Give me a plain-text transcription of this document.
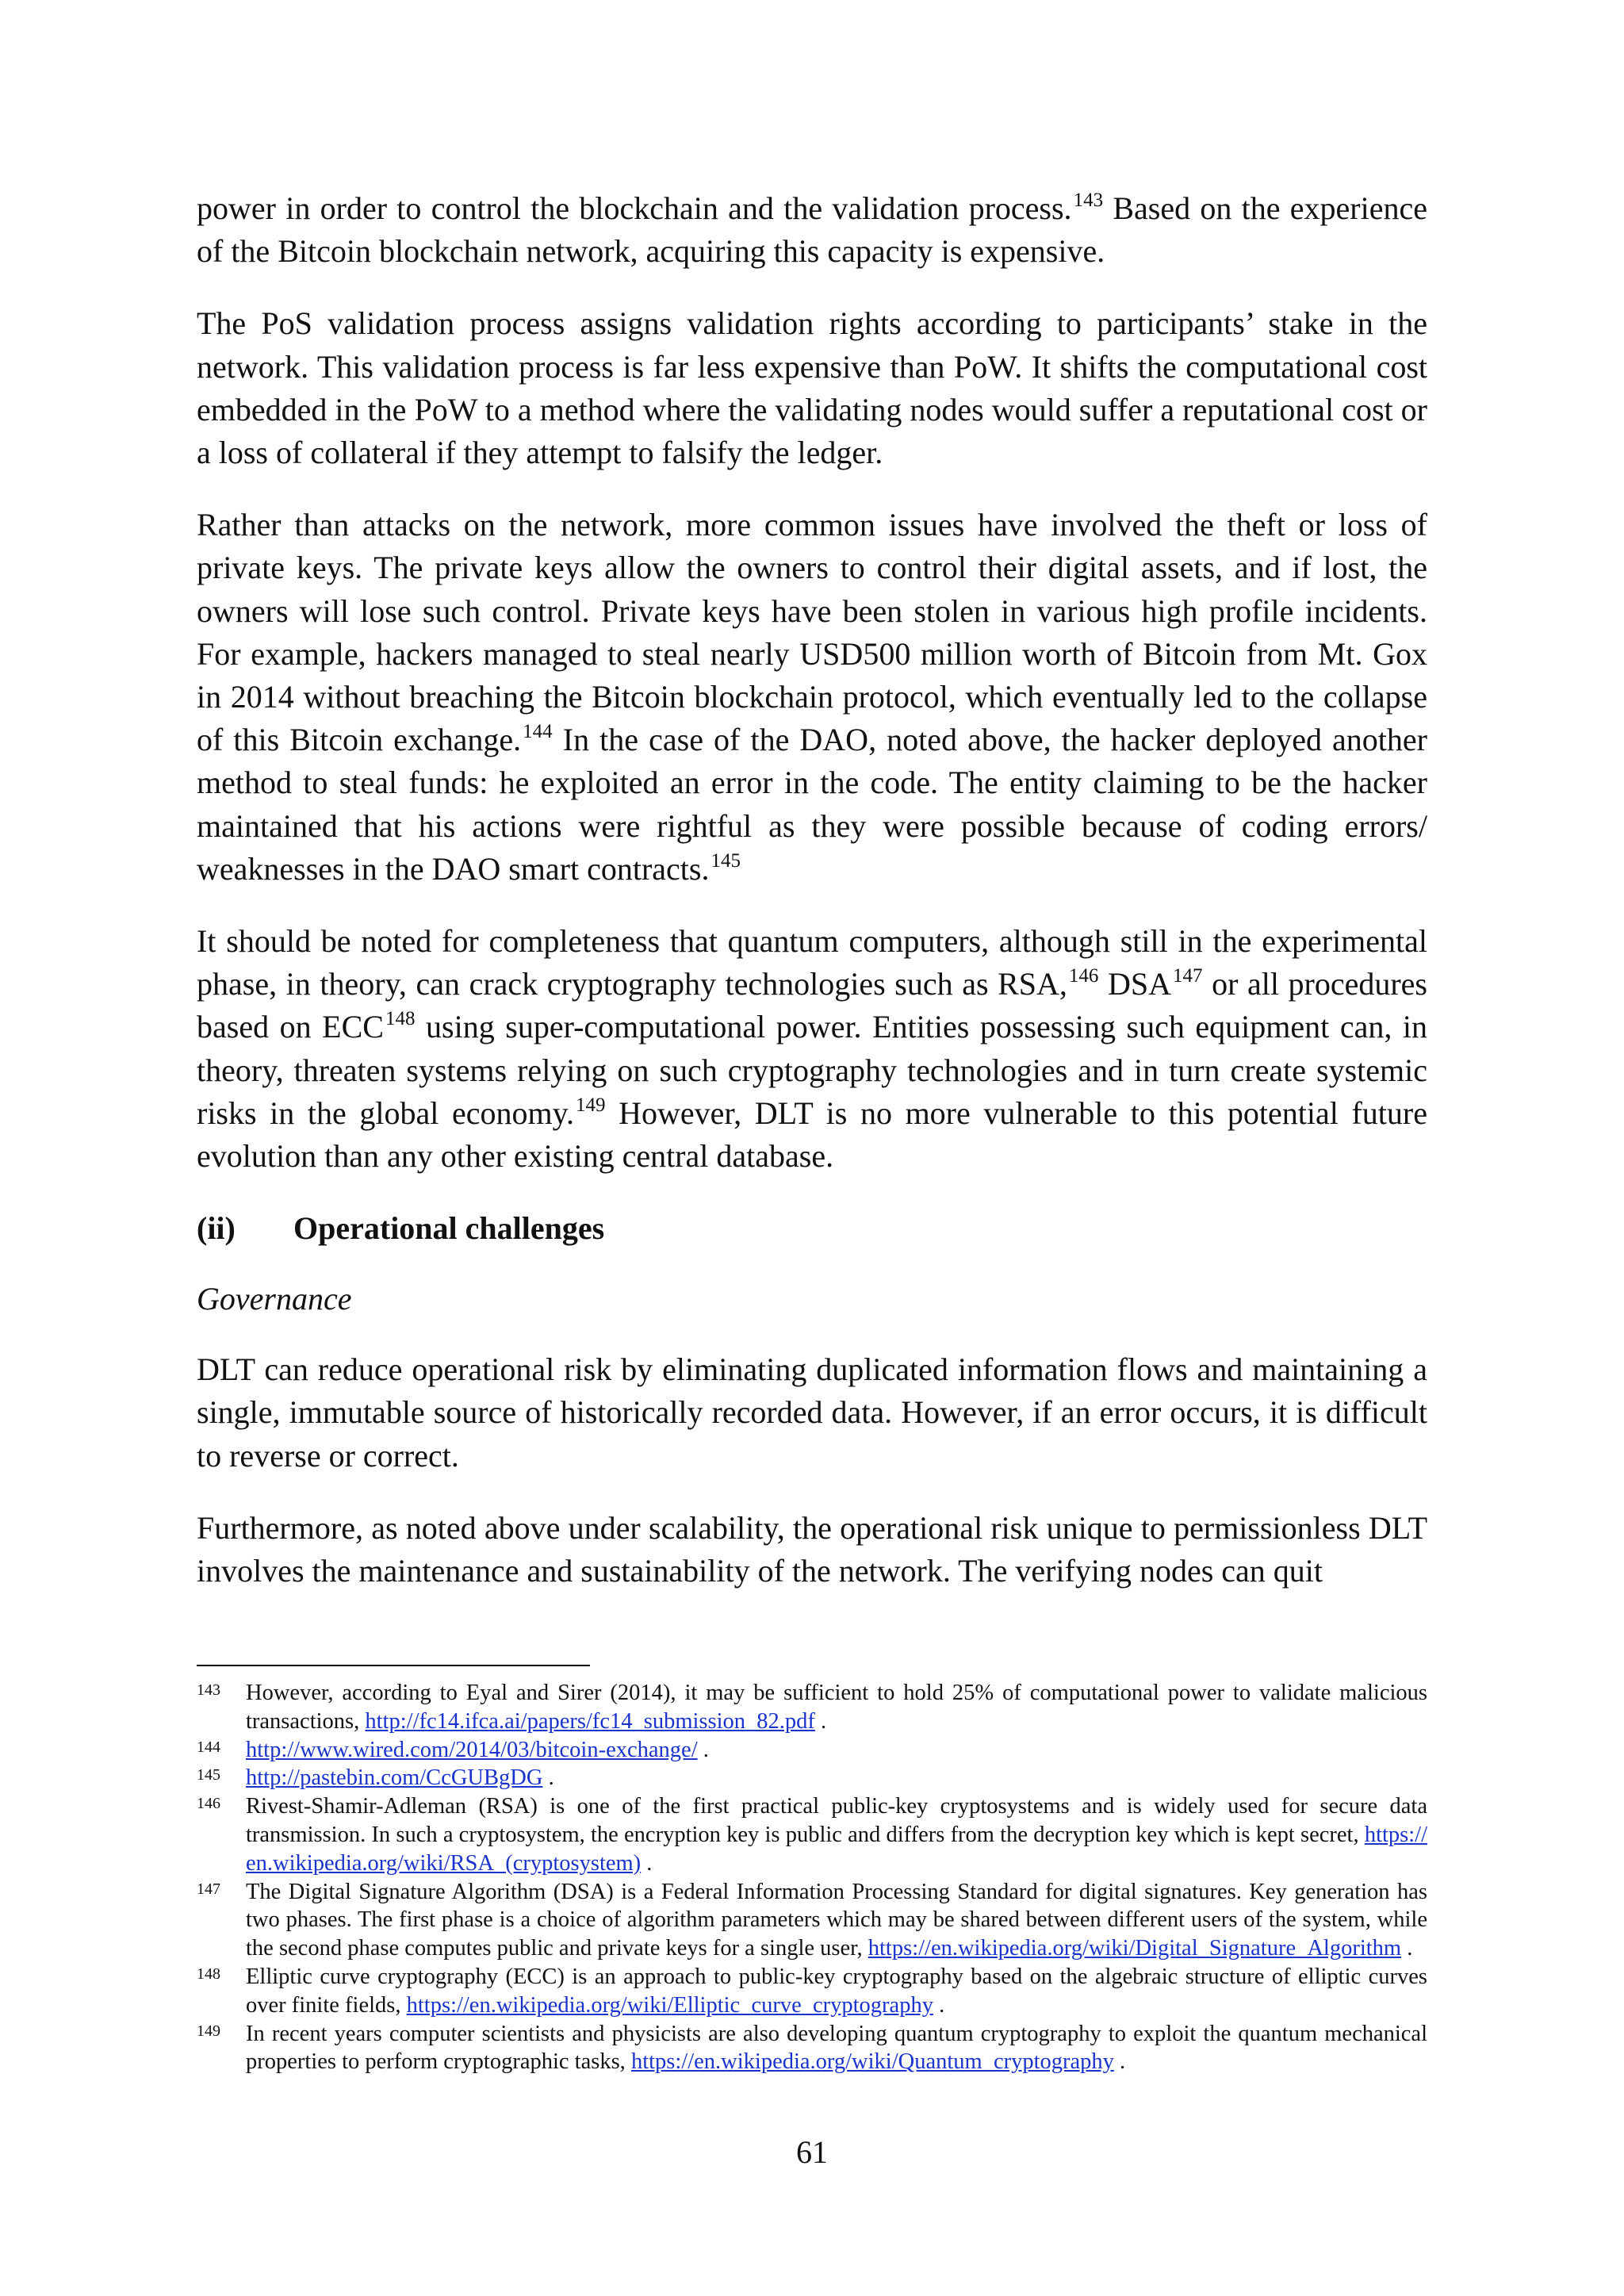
power in order to control the blockchain and the validation process.$^{143}$ Based on the experience of the Bitcoin blockchain network, acquiring this capacity is expensive.

The PoS validation process assigns validation rights according to participants’ stake in the network. This validation process is far less expensive than PoW. It shifts the computational cost embedded in the PoW to a method where the validating nodes would suffer a reputational cost or a loss of collateral if they attempt to falsify the ledger.

Rather than attacks on the network, more common issues have involved the theft or loss of private keys. The private keys allow the owners to control their digital assets, and if lost, the owners will lose such control. Private keys have been stolen in various high profile incidents. For example, hackers managed to steal nearly USD500 million worth of Bitcoin from Mt. Gox in 2014 without breaching the Bitcoin blockchain protocol, which eventually led to the collapse of this Bitcoin exchange.$^{144}$ In the case of the DAO, noted above, the hacker deployed another method to steal funds: he exploited an error in the code. The entity claiming to be the hacker maintained that his actions were rightful as they were possible because of coding errors/ weaknesses in the DAO smart contracts.$^{145}$

It should be noted for completeness that quantum computers, although still in the experimental phase, in theory, can crack cryptography technologies such as RSA,$^{146}$ DSA$^{147}$ or all procedures based on ECC$^{148}$ using super-computational power. Entities possessing such equipment can, in theory, threaten systems relying on such cryptography technologies and in turn create systemic risks in the global economy.$^{149}$ However, DLT is no more vulnerable to this potential future evolution than any other existing central database.

(ii) Operational challenges
Governance

DLT can reduce operational risk by eliminating duplicated information flows and maintaining a single, immutable source of historically recorded data. However, if an error occurs, it is difficult to reverse or correct.

Furthermore, as noted above under scalability, the operational risk unique to permissionless DLT involves the maintenance and sustainability of the network. The verifying nodes can quit

143 However, according to Eyal and Sirer (2014), it may be sufficient to hold 25% of computational power to validate malicious transactions, http://fc14.ifca.ai/papers/fc14_submission_82.pdf .
144 http://www.wired.com/2014/03/bitcoin-exchange/ .
145 http://pastebin.com/CcGUBgDG .
146 Rivest-Shamir-Adleman (RSA) is one of the first practical public-key cryptosystems and is widely used for secure data transmission. In such a cryptosystem, the encryption key is public and differs from the decryption key which is kept secret, https://en.wikipedia.org/wiki/RSA_(cryptosystem) .
147 The Digital Signature Algorithm (DSA) is a Federal Information Processing Standard for digital signatures. Key generation has two phases. The first phase is a choice of algorithm parameters which may be shared between different users of the system, while the second phase computes public and private keys for a single user, https://en.wikipedia.org/wiki/Digital_Signature_Algorithm .
148 Elliptic curve cryptography (ECC) is an approach to public-key cryptography based on the algebraic structure of elliptic curves over finite fields, https://en.wikipedia.org/wiki/Elliptic_curve_cryptography .
149 In recent years computer scientists and physicists are also developing quantum cryptography to exploit the quantum mechanical properties to perform cryptographic tasks, https://en.wikipedia.org/wiki/Quantum_cryptography .
61
